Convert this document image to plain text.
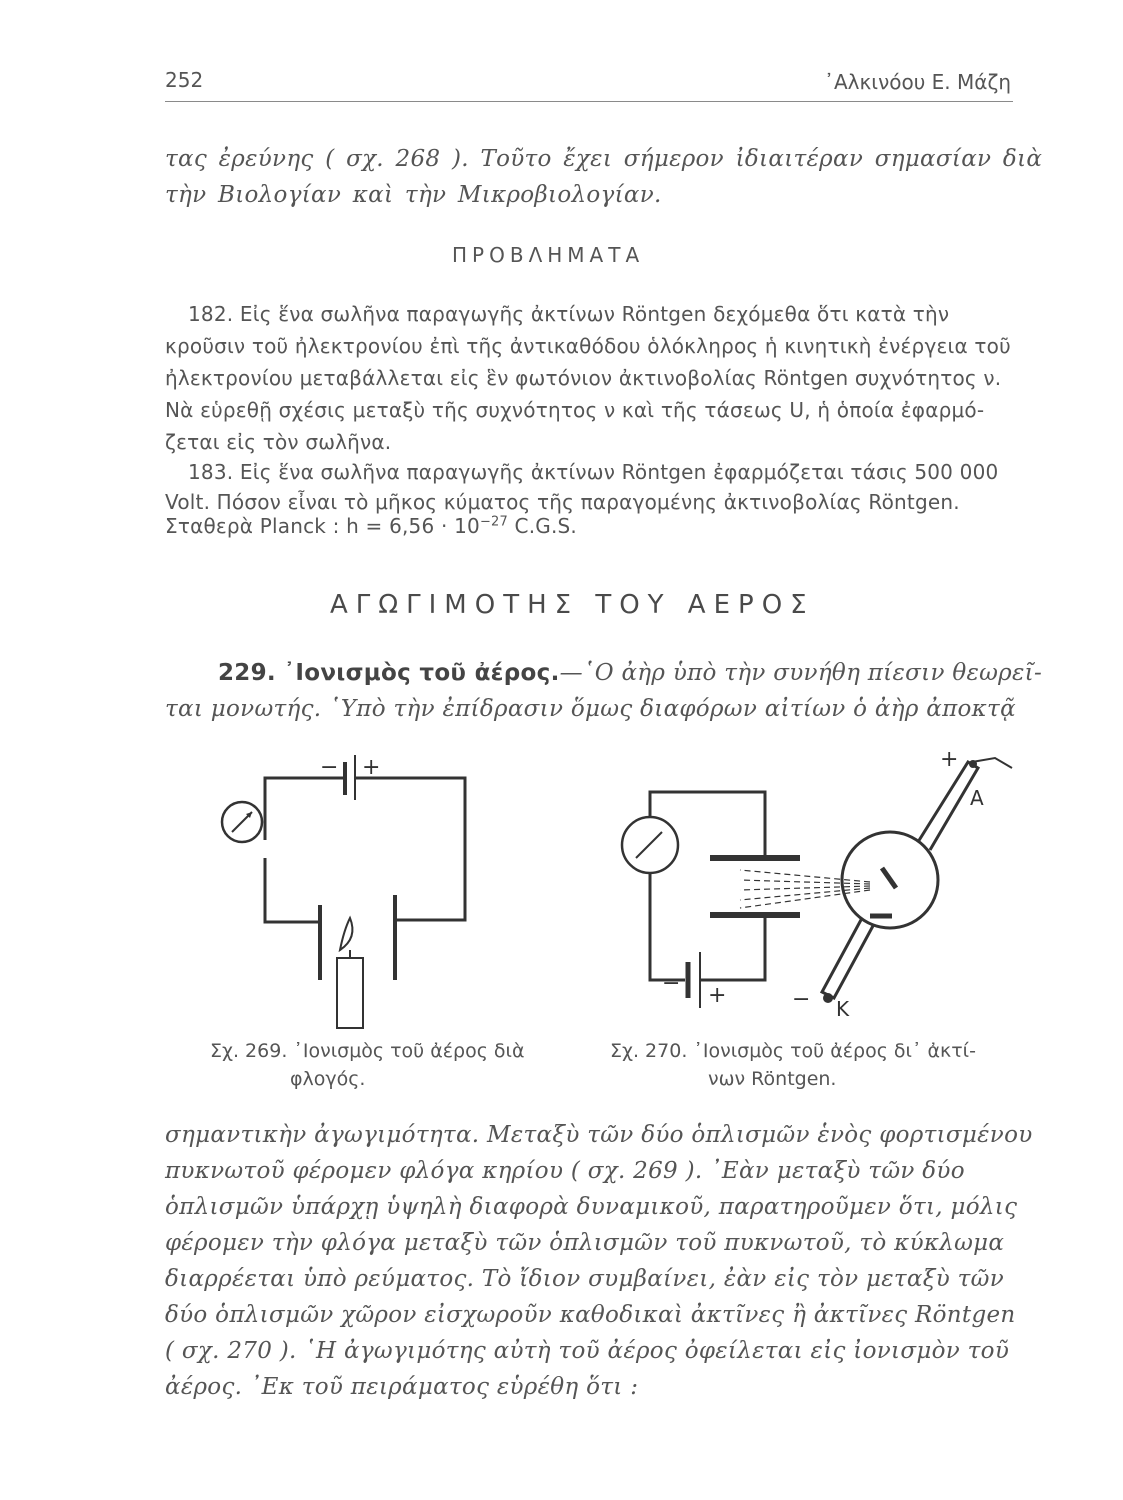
252	᾿Αλκινόου Ε. Μάζη
τας ἐρεύνης ( σχ. 268 ). Τοῦτο ἔχει σήμερον ἰδιαιτέραν σημασίαν διὰ
τὴν Βιολογίαν καὶ τὴν Μικροβιολογίαν.
ΠΡΟΒΛΗΜΑΤΑ
182. Εἰς ἕνα σωλῆνα παραγωγῆς ἀκτίνων Röntgen δεχόμεθα ὅτι κατὰ τὴν
κροῦσιν τοῦ ἠλεκτρονίου ἐπὶ τῆς ἀντικαθόδου ὁλόκληρος ἡ κινητικὴ ἐνέργεια τοῦ
ἠλεκτρονίου μεταβάλλεται εἰς ἓν φωτόνιον ἀκτινοβολίας Röntgen συχνότητος ν.
Νὰ εὑρεθῇ σχέσις μεταξὺ τῆς συχνότητος ν καὶ τῆς τάσεως U, ἡ ὁποία ἐφαρμό-
ζεται εἰς τὸν σωλῆνα.
183. Εἰς ἕνα σωλῆνα παραγωγῆς ἀκτίνων Röntgen ἐφαρμόζεται τάσις 500 000
Volt. Πόσον εἶναι τὸ μῆκος κύματος τῆς παραγομένης ἀκτινοβολίας Röntgen.
Σταθερὰ Planck : $h = 6,56 \cdot 10^{-27}$ C.G.S.
ΑΓΩΓΙΜΟΤΗΣ ΤΟΥ ΑΕΡΟΣ
229. ᾿Ιονισμὸς τοῦ ἀέρος.—῾Ο ἀὴρ ὑπὸ τὴν συνήθη πίεσιν θεωρεῖ-
ται μονωτής. ῾Υπὸ τὴν ἐπίδρασιν ὅμως διαφόρων αἰτίων ὁ ἀὴρ ἀποκτᾷ
− +
Σχ. 269. ᾿Ιονισμὸς τοῦ ἀέρος διὰ
φλογός.
+
A
− +	− K
Σχ. 270. ᾿Ιονισμὸς τοῦ ἀέρος δι᾿ ἀκτί-
νων Röntgen.
σημαντικὴν ἀγωγιμότητα. Μεταξὺ τῶν δύο ὁπλισμῶν ἑνὸς φορτισμένου
πυκνωτοῦ φέρομεν φλόγα κηρίου ( σχ. 269 ). ᾿Εὰν μεταξὺ τῶν δύο
ὁπλισμῶν ὑπάρχῃ ὑψηλὴ διαφορὰ δυναμικοῦ, παρατηροῦμεν ὅτι, μόλις
φέρομεν τὴν φλόγα μεταξὺ τῶν ὁπλισμῶν τοῦ πυκνωτοῦ, τὸ κύκλωμα
διαρρέεται ὑπὸ ρεύματος. Τὸ ἴδιον συμβαίνει, ἐὰν εἰς τὸν μεταξὺ τῶν
δύο ὁπλισμῶν χῶρον εἰσχωροῦν καθοδικαὶ ἀκτῖνες ἢ ἀκτῖνες Röntgen
( σχ. 270 ). ῾Η ἀγωγιμότης αὐτὴ τοῦ ἀέρος ὀφείλεται εἰς ἰονισμὸν τοῦ
ἀέρος. ᾿Εκ τοῦ πειράματος εὑρέθη ὅτι :
